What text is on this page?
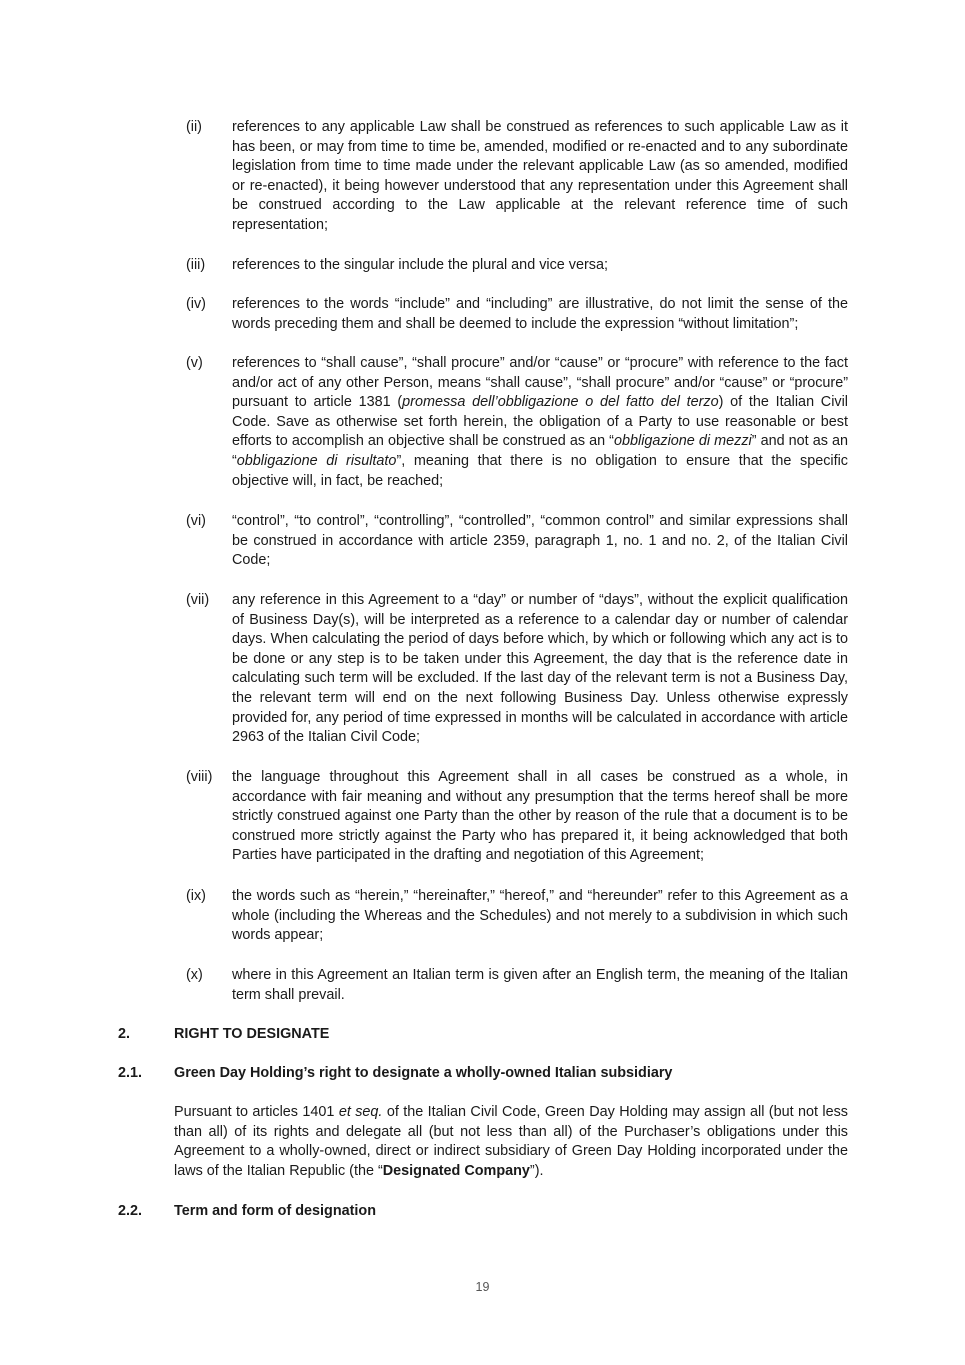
(ii)	references to any applicable Law shall be construed as references to such applicable Law as it has been, or may from time to time be, amended, modified or re-enacted and to any subordinate legislation from time to time made under the relevant applicable Law (as so amended, modified or re-enacted), it being however understood that any representation under this Agreement shall be construed according to the Law applicable at the relevant reference time of such representation;
(iii)	references to the singular include the plural and vice versa;
(iv)	references to the words “include” and “including” are illustrative, do not limit the sense of the words preceding them and shall be deemed to include the expression “without limitation”;
(v)	references to “shall cause”, “shall procure” and/or “cause” or “procure” with reference to the fact and/or act of any other Person, means “shall cause”, “shall procure” and/or “cause” or “procure” pursuant to article 1381 (promessa dell’obbligazione o del fatto del terzo) of the Italian Civil Code. Save as otherwise set forth herein, the obligation of a Party to use reasonable or best efforts to accomplish an objective shall be construed as an “obbligazione di mezzi” and not as an “obbligazione di risultato”, meaning that there is no obligation to ensure that the specific objective will, in fact, be reached;
(vi)	“control”, “to control”, “controlling”, “controlled”, “common control” and similar expressions shall be construed in accordance with article 2359, paragraph 1, no. 1 and no. 2, of the Italian Civil Code;
(vii)	any reference in this Agreement to a “day” or number of “days”, without the explicit qualification of Business Day(s), will be interpreted as a reference to a calendar day or number of calendar days. When calculating the period of days before which, by which or following which any act is to be done or any step is to be taken under this Agreement, the day that is the reference date in calculating such term will be excluded. If the last day of the relevant term is not a Business Day, the relevant term will end on the next following Business Day. Unless otherwise expressly provided for, any period of time expressed in months will be calculated in accordance with article 2963 of the Italian Civil Code;
(viii)	the language throughout this Agreement shall in all cases be construed as a whole, in accordance with fair meaning and without any presumption that the terms hereof shall be more strictly construed against one Party than the other by reason of the rule that a document is to be construed more strictly against the Party who has prepared it, it being acknowledged that both Parties have participated in the drafting and negotiation of this Agreement;
(ix)	the words such as “herein,” “hereinafter,” “hereof,” and “hereunder” refer to this Agreement as a whole (including the Whereas and the Schedules) and not merely to a subdivision in which such words appear;
(x)	where in this Agreement an Italian term is given after an English term, the meaning of the Italian term shall prevail.
2.	RIGHT TO DESIGNATE
2.1. Green Day Holding’s right to designate a wholly-owned Italian subsidiary
Pursuant to articles 1401 et seq. of the Italian Civil Code, Green Day Holding may assign all (but not less than all) of its rights and delegate all (but not less than all) of the Purchaser’s obligations under this Agreement to a wholly-owned, direct or indirect subsidiary of Green Day Holding incorporated under the laws of the Italian Republic (the “Designated Company”).
2.2. Term and form of designation
19
